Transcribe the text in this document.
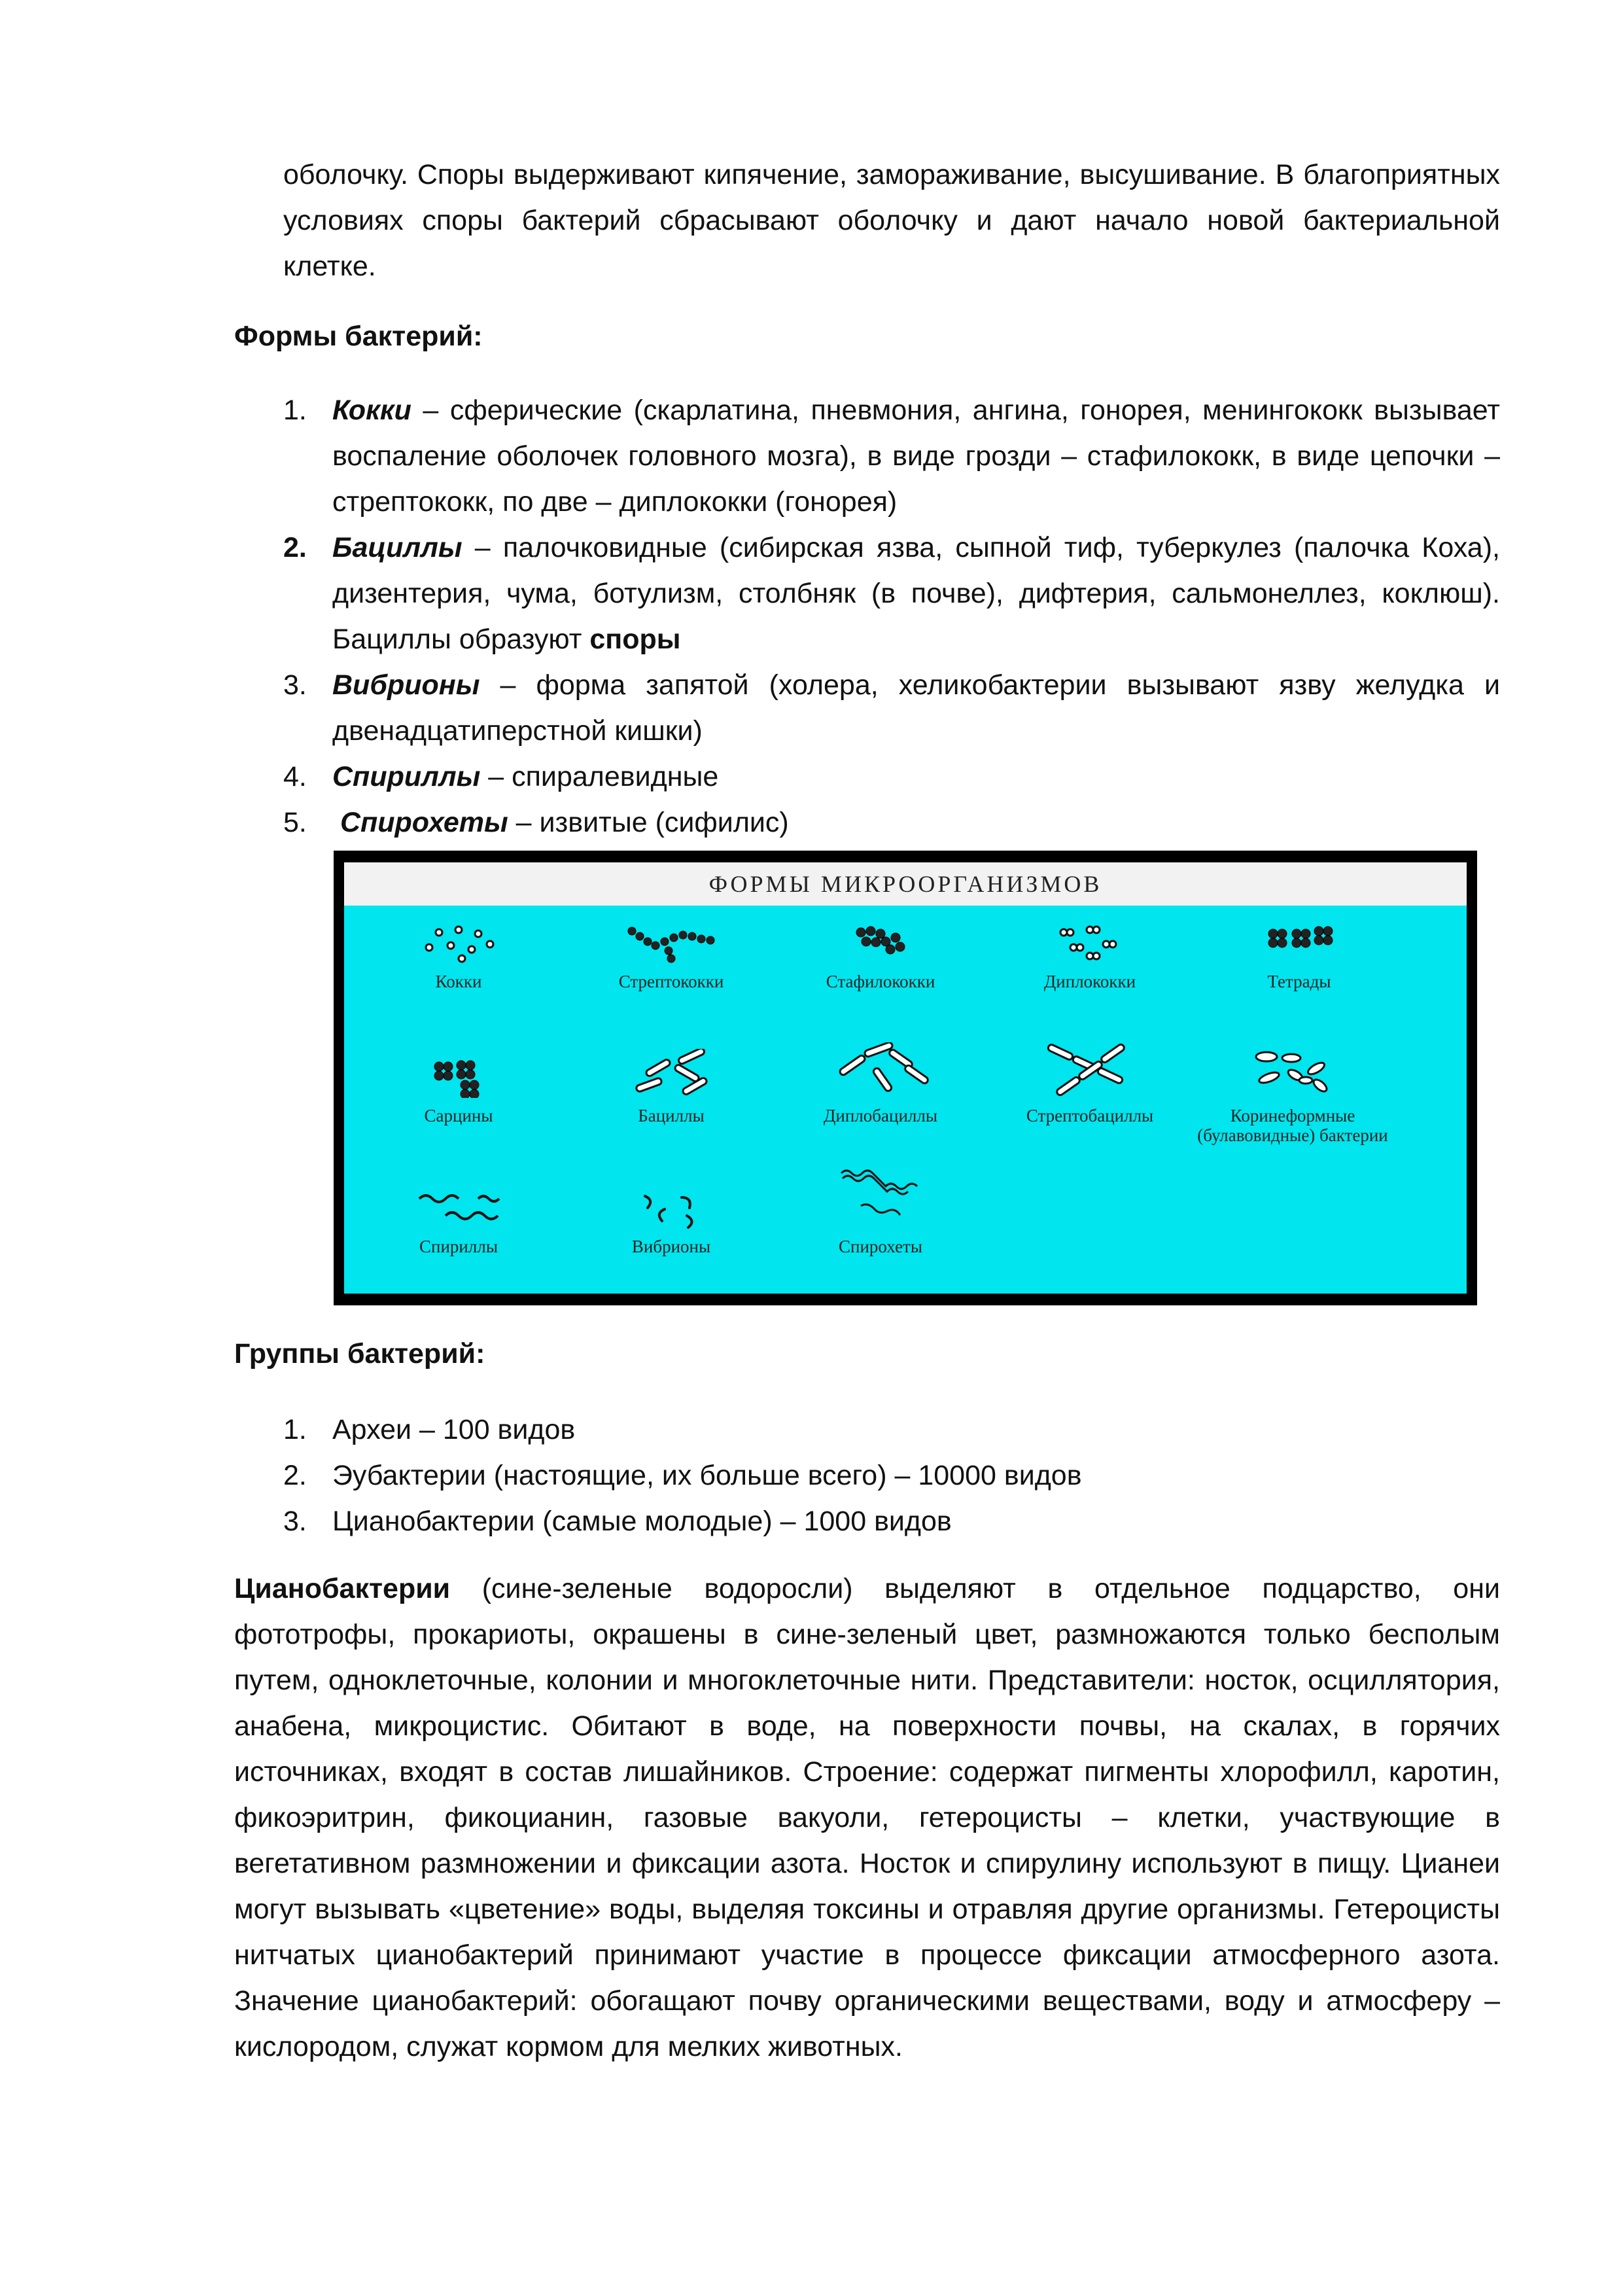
оболочку. Споры выдерживают кипячение, замораживание, высушивание. В благоприятных условиях споры бактерий сбрасывают оболочку и дают начало новой бактериальной клетке.

Формы бактерий:
1. Кокки – сферические (скарлатина, пневмония, ангина, гонорея, менингококк вызывает воспаление оболочек головного мозга), в виде грозди – стафилококк, в виде цепочки – стрептококк, по две – диплококки (гонорея)
2. Бациллы – палочковидные (сибирская язва, сыпной тиф, туберкулез (палочка Коха), дизентерия, чума, ботулизм, столбняк (в почве), дифтерия, сальмонеллез, коклюш). Бациллы образуют споры
3. Вибрионы – форма запятой (холера, хеликобактерии вызывают язву желудка и двенадцатиперстной кишки)
4. Спириллы – спиралевидные
5. Спирохеты – извитые (сифилис)
ФОРМЫ МИКРООРГАНИЗМОВ
Кокки	Стрептококки	Стафилококки	Диплококки	Тетрады
Сарцины	Бациллы	Диплобациллы	Стрептобациллы	Коринеформные (булавовидные) бактерии
Спириллы	Вибрионы	Спирохеты
Группы бактерий:
1. Археи – 100 видов
2. Эубактерии (настоящие, их больше всего) – 10000 видов
3. Цианобактерии (самые молодые) – 1000 видов

Цианобактерии (сине-зеленые водоросли) выделяют в отдельное подцарство, они фототрофы, прокариоты, окрашены в сине-зеленый цвет, размножаются только бесполым путем, одноклеточные, колонии и многоклеточные нити. Представители: носток, осциллятория, анабена, микроцистис. Обитают в воде, на поверхности почвы, на скалах, в горячих источниках, входят в состав лишайников. Строение: содержат пигменты хлорофилл, каротин, фикоэритрин, фикоцианин, газовые вакуоли, гетероцисты – клетки, участвующие в вегетативном размножении и фиксации азота. Носток и спирулину используют в пищу. Цианеи могут вызывать «цветение» воды, выделяя токсины и отравляя другие организмы. Гетероцисты нитчатых цианобактерий принимают участие в процессе фиксации атмосферного азота. Значение цианобактерий: обогащают почву органическими веществами, воду и атмосферу – кислородом, служат кормом для мелких животных.
